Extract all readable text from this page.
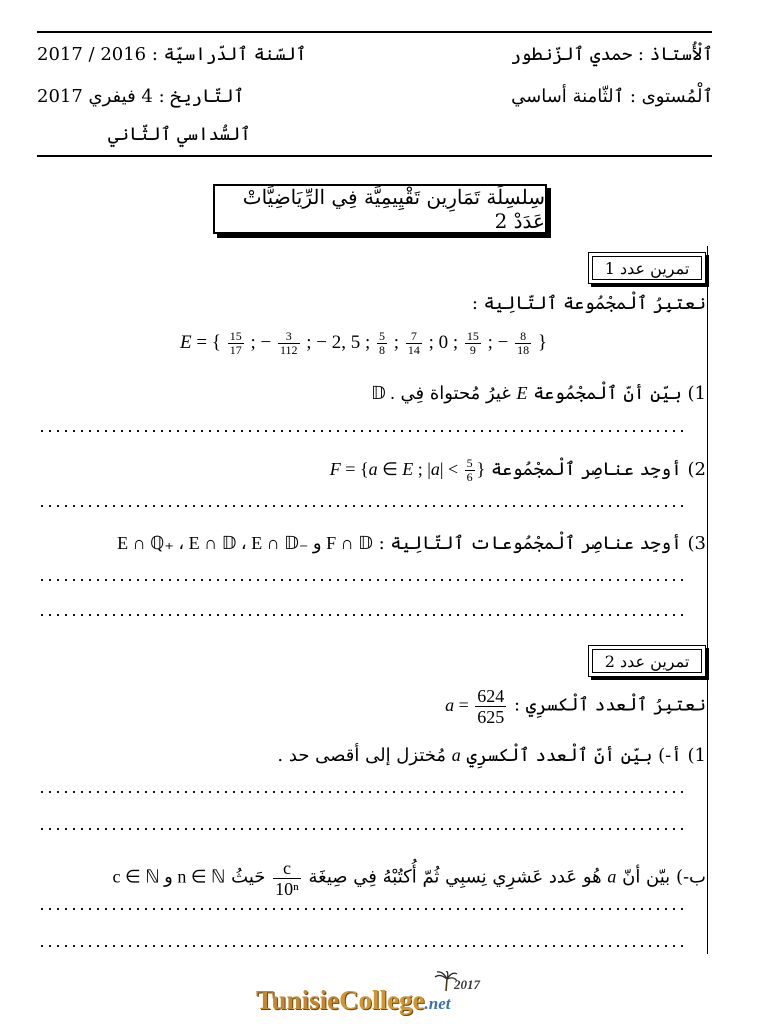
ٱلْأُستاذ : حمدي ٱلزّنطور
ٱلْمُستوى : ٱلثّامنة أساسي
ٱلسّنة ٱلدّراسيّة : 2016 / 2017
ٱلتّاريخ : 4 فيفري 2017
ٱلسُّداسي ٱلثّاني
سِلسِلَة تَمَارِين تَقْيِيمِيَّة فِي الرِّيَاضِيَّاتْ عَدَدْ 2
تمرين عدد 1
نعتبِرُ ٱلْمجْمُوعة ٱلتّالِية :
E = { $\frac{15}{17}$ ; − $\frac{3}{112}$ ; − 2, 5 ; $\frac{5}{8}$ ; $\frac{7}{14}$ ; 0 ; $\frac{15}{9}$ ; − $\frac{8}{18}$ }
1) بيّن أنّ ٱلْمجْمُوعة E غيرُ مُحتواة فِي 𝔻 .
2) أوجِد عناصِر ٱلْمجْمُوعة F = {a ∈ E ; $|a| < \frac{5}{6}$ }
3) أوجِد عناصِر ٱلْمجْمُوعات ٱلتّالِية : E ∩ ℚ₊ ، E ∩ 𝔻 ، E ∩ 𝔻₋ و F ∩ 𝔻
تمرين عدد 2
نعتبِرُ ٱلْعدد ٱلْكسرِي : $a = \frac{624}{625}$
1) أ-) بيّن أنّ ٱلْعدد ٱلْكسرِي a مُختزل إلى أقصى حد .
ب-) بيّن أنّ a هُو عَدد عَشرِي نِسبِي ثُمّ أُكتُبْهُ فِي صِيغَة
$\frac{c}{\text{10ⁿ}}$
حَيثُ c ∈ ℕ و n ∈ ℕ
2017
TunisieCollege.net
